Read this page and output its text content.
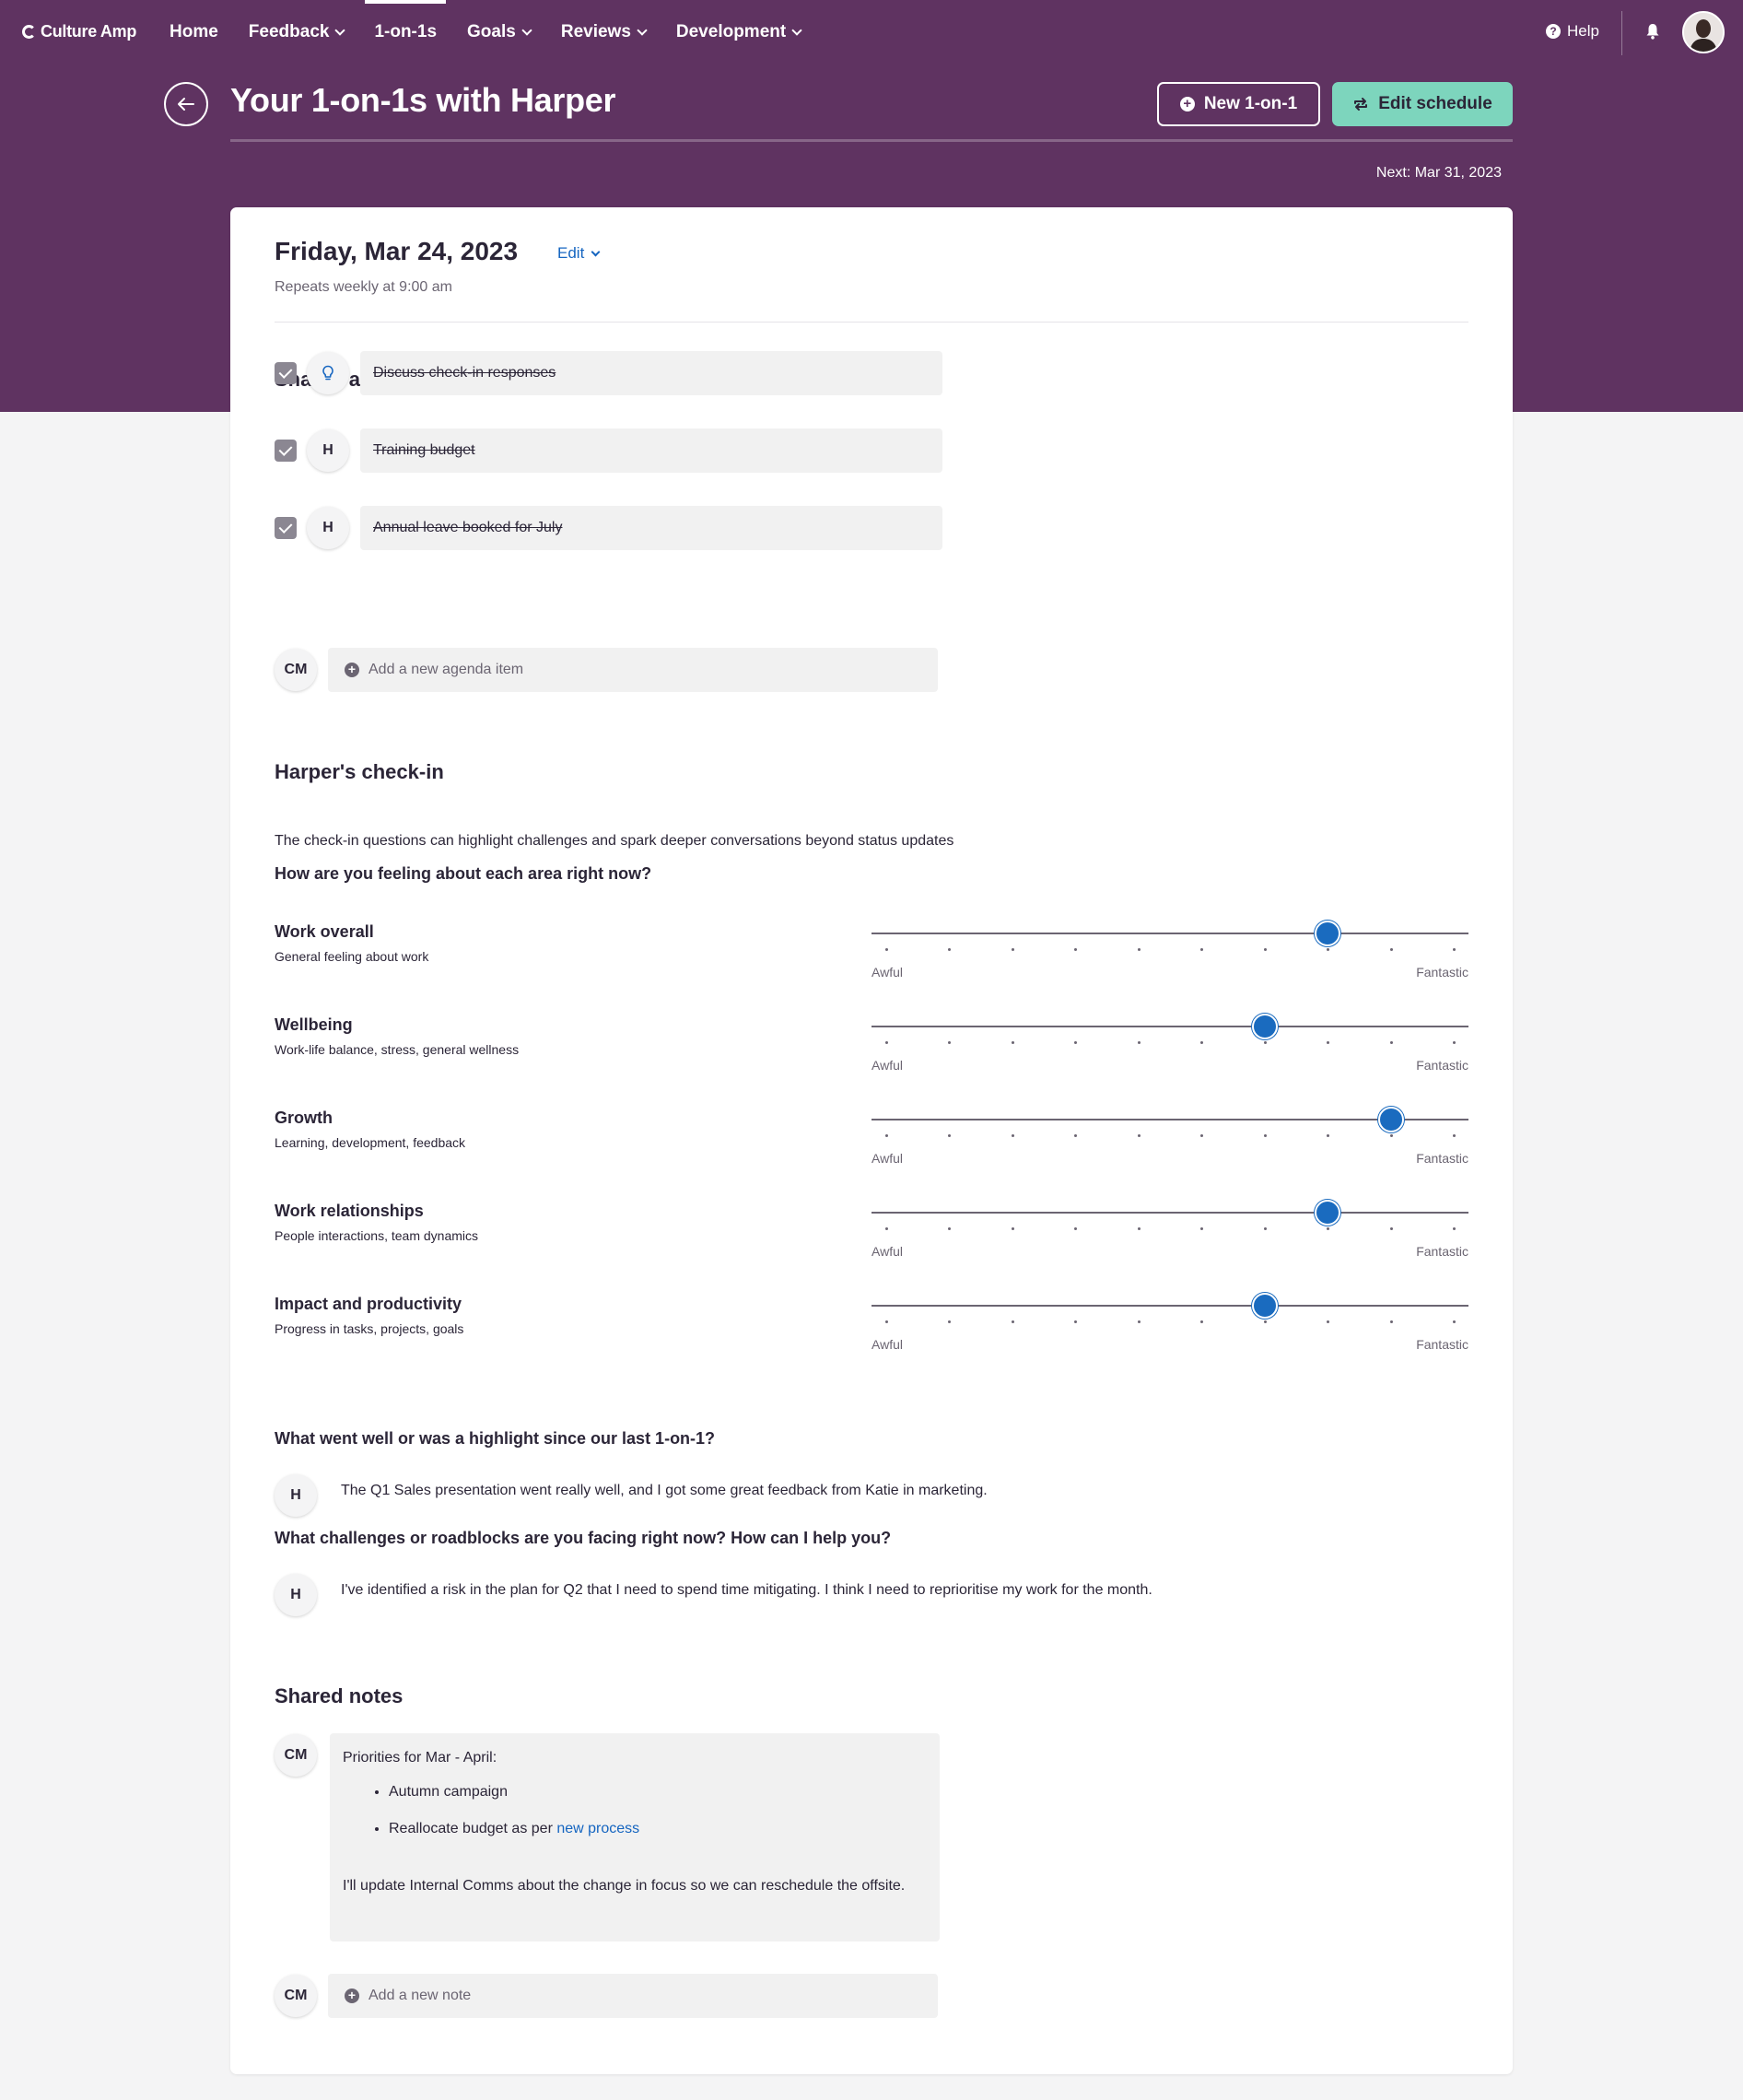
Culture Amp Home Feedback	1-on-1s Goals	Reviews	Development	? Help
Your 1-on-1s with Harper	+ New 1-on-1	Edit schedule
Next: Mar 31, 2023
Friday, Mar 24, 2023	Edit
Repeats weekly at 9:00 am
Discuss check-in responses
H	Training budget
H	Annual leave booked for July
CM	+ Add a new agenda item
Harper's check-in
The check-in questions can highlight challenges and spark deeper conversations beyond status updates
How are you feeling about each area right now?
Work overall
General feeling about work
Awful	Fantastic
Wellbeing
Work-life balance, stress, general wellness
Awful	Fantastic
Growth
Learning, development, feedback
Awful	Fantastic
Work relationships
People interactions, team dynamics
Awful	Fantastic
Impact and productivity
Progress in tasks, projects, goals
Awful	Fantastic
What went well or was a highlight since our last 1-on-1?
H	The Q1 Sales presentation went really well, and I got some great feedback from Katie in marketing.
What challenges or roadblocks are you facing right now? How can I help you?
H	I've identified a risk in the plan for Q2 that I need to spend time mitigating. I think I need to reprioritise my work for the month.
Shared notes
CM	Priorities for Mar - April:
• Autumn campaign
• Reallocate budget as per new process
I'll update Internal Comms about the change in focus so we can reschedule the offsite.
CM	+ Add a new note
